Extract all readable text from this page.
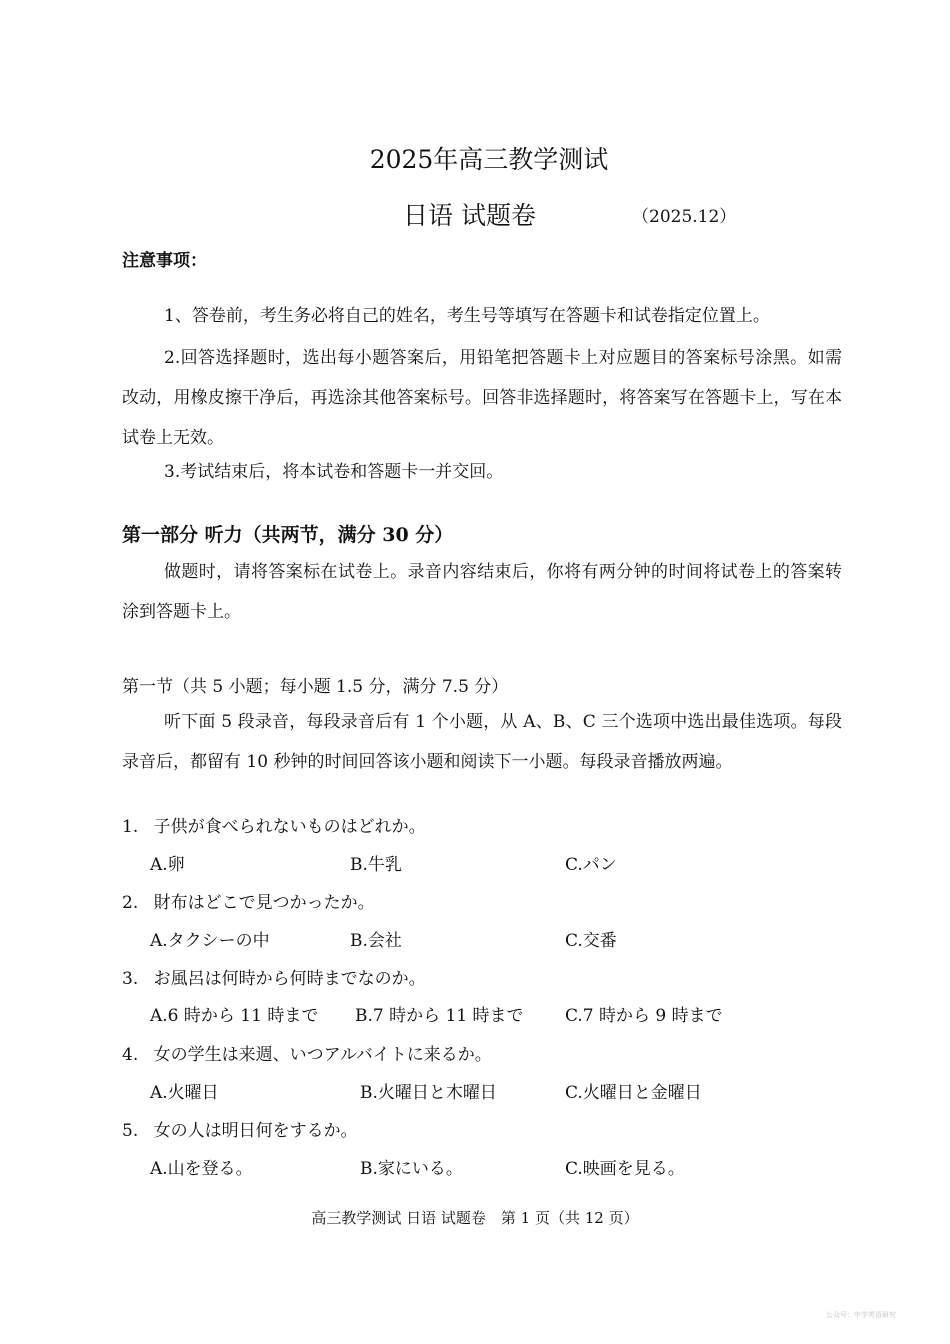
2025年高三教学测试
日语 试题卷	（2025.12）
注意事项：
1、答卷前，考生务必将自己的姓名，考生号等填写在答题卡和试卷指定位置上。
2.回答选择题时，选出每小题答案后，用铅笔把答题卡上对应题目的答案标号涂黑。如需改动，用橡皮擦干净后，再选涂其他答案标号。回答非选择题时，将答案写在答题卡上，写在本试卷上无效。
3.考试结束后，将本试卷和答题卡一并交回。
第一部分 听力（共两节，满分 30 分）
做题时，请将答案标在试卷上。录音内容结束后，你将有两分钟的时间将试卷上的答案转涂到答题卡上。
第一节（共 5 小题；每小题 1.5 分，满分 7.5 分）
听下面 5 段录音，每段录音后有 1 个小题，从 A、B、C 三个选项中选出最佳选项。每段录音后，都留有 10 秒钟的时间回答该小题和阅读下一小题。每段录音播放两遍。
1. 子供が食べられないものはどれか。
A.卵	B.牛乳	C.パン
2. 財布はどこで見つかったか。
A.タクシーの中	B.会社	C.交番
3. お風呂は何時から何時までなのか。
A.6 時から 11 時まで B.7 時から 11 時まで C.7 時から 9 時まで
4. 女の学生は来週、いつアルバイトに来るか。
A.火曜日	B.火曜日と木曜日	C.火曜日と金曜日
5. 女の人は明日何をするか。
A.山を登る。	B.家にいる。	C.映画を見る。
高三教学测试 日语 试题卷　第 1 页（共 12 页）
公众号：中学英语研究
